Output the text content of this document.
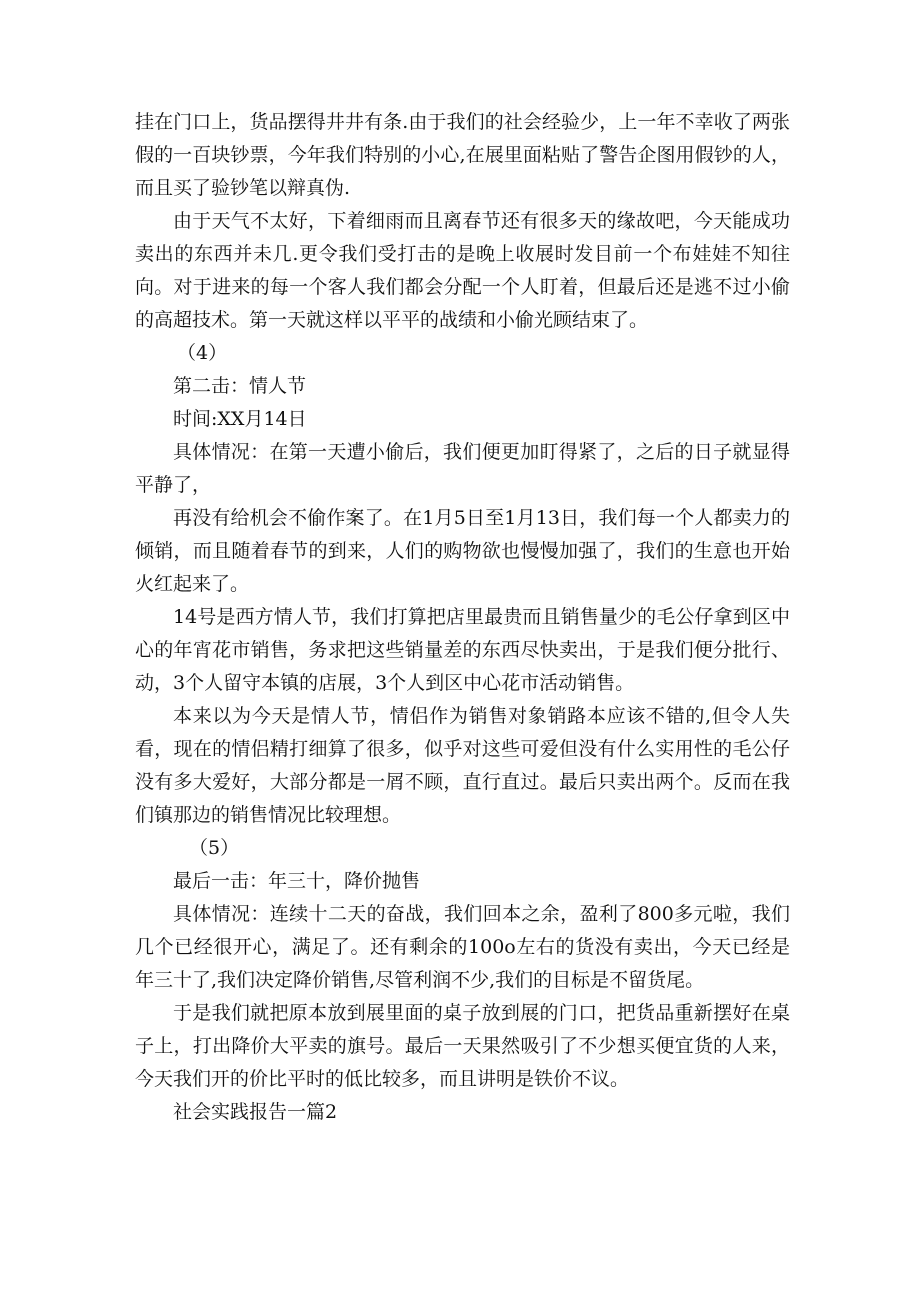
挂在门口上，货品摆得井井有条.由于我们的社会经验少，上一年不幸收了两张假的一百块钞票，今年我们特别的小心,在展里面粘贴了警告企图用假钞的人，而且买了验钞笔以辩真伪.

由于天气不太好，下着细雨而且离春节还有很多天的缘故吧，今天能成功卖出的东西并未几.更令我们受打击的是晚上收展时发目前一个布娃娃不知往向。对于进来的每一个客人我们都会分配一个人盯着，但最后还是逃不过小偷的高超技术。第一天就这样以平平的战绩和小偷光顾结束了。

（4）

第二击：情人节

时间:XX月14日

具体情况：在第一天遭小偷后，我们便更加盯得紧了，之后的日子就显得平静了，

再没有给机会不偷作案了。在1月5日至1月13日，我们每一个人都卖力的倾销，而且随着春节的到来，人们的购物欲也慢慢加强了，我们的生意也开始火红起来了。

14号是西方情人节，我们打算把店里最贵而且销售量少的毛公仔拿到区中心的年宵花市销售，务求把这些销量差的东西尽快卖出，于是我们便分批行、动，3个人留守本镇的店展，3个人到区中心花市活动销售。

本来以为今天是情人节，情侣作为销售对象销路本应该不错的,但令人失看，现在的情侣精打细算了很多，似乎对这些可爱但没有什么实用性的毛公仔没有多大爱好，大部分都是一屑不顾，直行直过。最后只卖出两个。反而在我们镇那边的销售情况比较理想。

（5）

最后一击：年三十，降价抛售

具体情况：连续十二天的奋战，我们回本之余，盈利了800多元啦，我们几个已经很开心，满足了。还有剩余的100o左右的货没有卖出，今天已经是年三十了,我们决定降价销售,尽管利润不少,我们的目标是不留货尾。

于是我们就把原本放到展里面的桌子放到展的门口，把货品重新摆好在桌子上，打出降价大平卖的旗号。最后一天果然吸引了不少想买便宜货的人来，今天我们开的价比平时的低比较多，而且讲明是铁价不议。

社会实践报告一篇2
